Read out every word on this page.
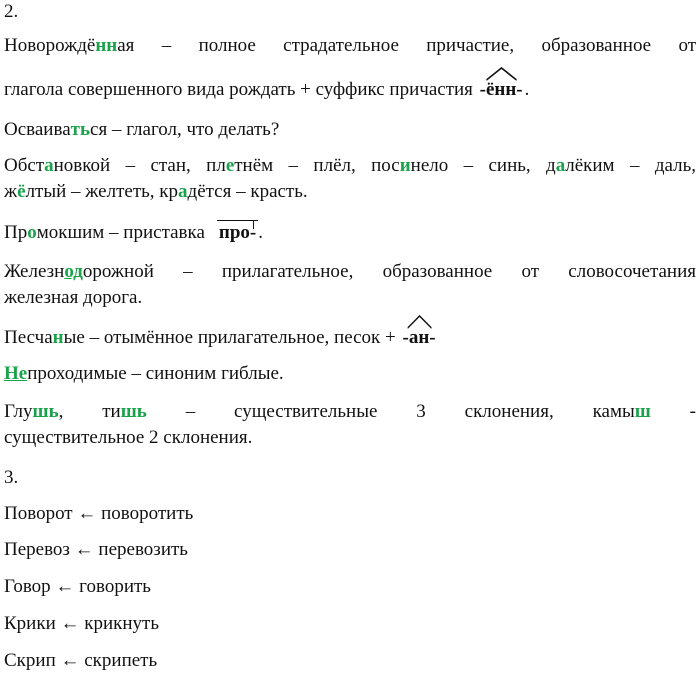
2.
Новорождённая – полное страдательное причастие, образованное от
глагола совершенного вида рождать + суффикс причастия
-ённ- .
Осваиваться – глагол, что делать?
Обстановкой – стан, плетнём – плёл, посинело – синь, далёким – даль,
жёлтый – желтеть, крадётся – красть.
Промокшим – приставка про- .
Железнодорожной – прилагательное, образованное от словосочетания
железная дорога.
Песчаные – отымённое прилагательное, песок + -ан-
Непроходимые – синоним гиблые.
Глушь, тишь – существительные 3 склонения, камыш -
существительное 2 склонения.
3.
Поворот ← поворотить
Перевоз ← перевозить
Говор ← говорить
Крики ← крикнуть
Скрип ← скрипеть
